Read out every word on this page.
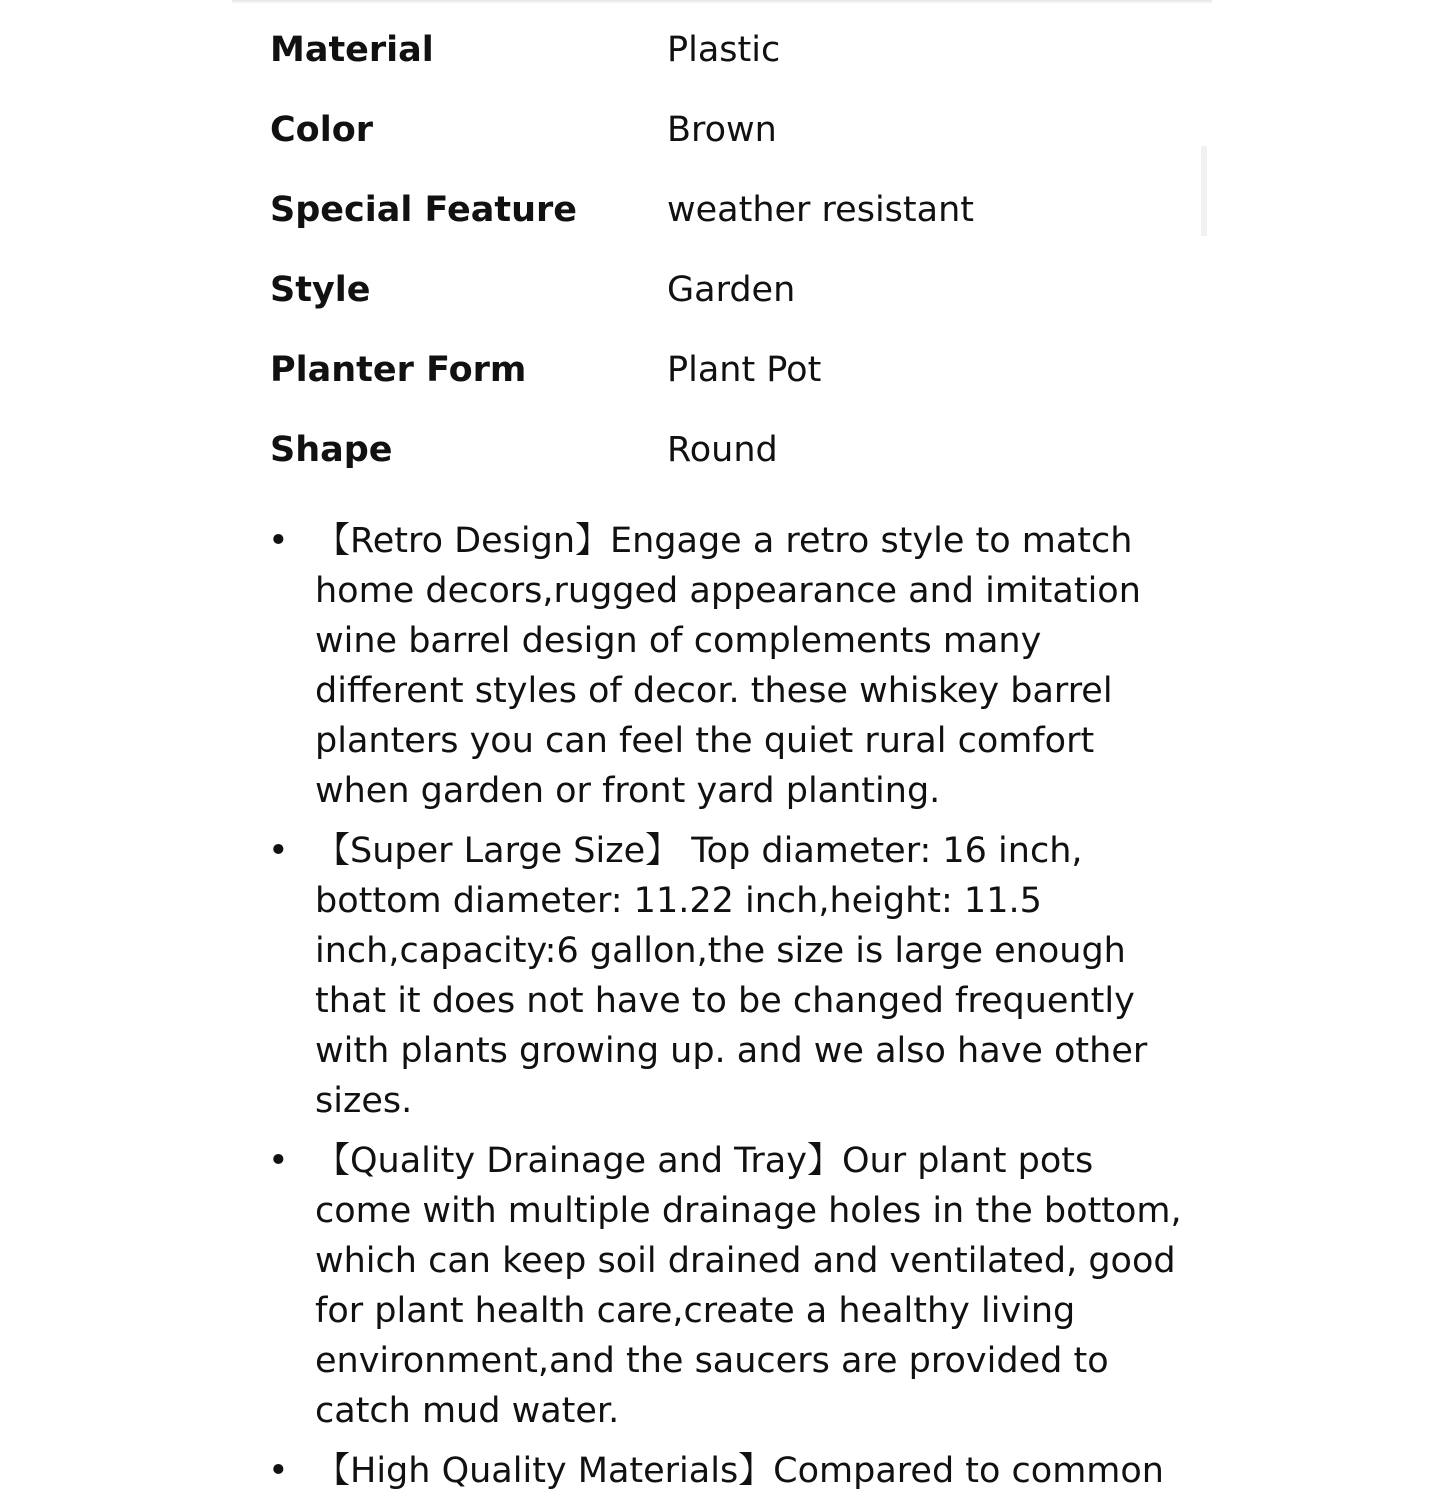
Material	Plastic
Color	Brown
Special Feature	weather resistant
Style	Garden
Planter Form	Plant Pot
Shape	Round
• 【Retro Design】Engage a retro style to match home decors,rugged appearance and imitation wine barrel design of complements many different styles of decor. these whiskey barrel planters you can feel the quiet rural comfort when garden or front yard planting.
• 【Super Large Size】 Top diameter: 16 inch, bottom diameter: 11.22 inch,height: 11.5 inch,capacity:6 gallon,the size is large enough that it does not have to be changed frequently with plants growing up. and we also have other sizes.
• 【Quality Drainage and Tray】Our plant pots come with multiple drainage holes in the bottom, which can keep soil drained and ventilated, good for plant health care,create a healthy living environment,and the saucers are provided to catch mud water.
• 【High Quality Materials】Compared to common
